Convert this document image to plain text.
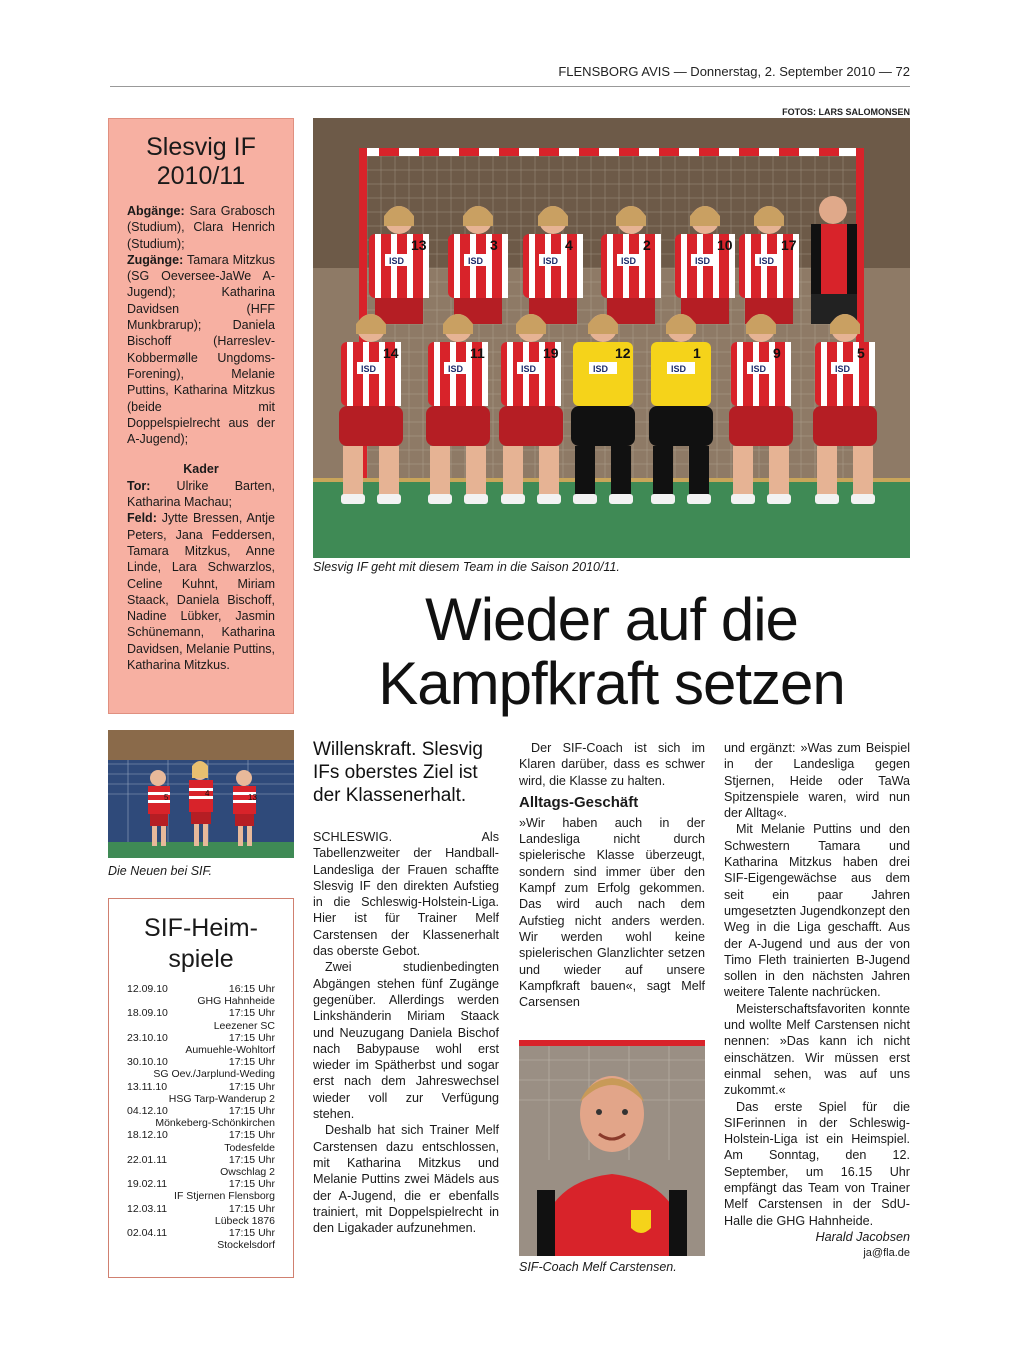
FLENSBORG AVIS — Donnerstag, 2. September 2010 — 72
FOTOS: LARS SALOMONSEN
Slesvig IF
2010/11

Abgänge: Sara Grabosch (Studium), Clara Henrich (Studium);

Zugänge: Tamara Mitzkus (SG Oeversee-JaWe A-Jugend); Katharina Davidsen (HFF Munkbrarup); Daniela Bischoff (Harreslev-Kobbermølle Ungdoms-Forening), Melanie Puttins, Katharina Mitzkus (beide mit Doppelspielrecht aus der A-Jugend);

Kader

Tor: Ulrike Barten, Katharina Machau;

Feld: Jytte Bressen, Antje Peters, Jana Feddersen, Tamara Mitzkus, Anne Linde, Lara Schwarzlos, Celine Kuhnt, Miriam Staack, Daniela Bischoff, Nadine Lübker, Jasmin Schünemann, Katharina Davidsen, Melanie Puttins, Katharina Mitzkus.

5	4	13
Die Neuen bei SIF.
SIF-Heim-
spiele
12.09.10	16:15 Uhr
GHG Hahnheide
18.09.10	17:15 Uhr
Leezener SC
23.10.10	17:15 Uhr
Aumuehle-Wohltorf
30.10.10	17:15 Uhr
SG Oev./Jarplund-Weding
13.11.10	17:15 Uhr
HSG Tarp-Wanderup 2
04.12.10	17:15 Uhr
Mönkeberg-Schönkirchen
18.12.10	17:15 Uhr
Todesfelde
22.01.11	17:15 Uhr
Owschlag 2
19.02.11	17:15 Uhr
IF Stjernen Flensborg
12.03.11	17:15 Uhr
Lübeck 1876
02.04.11	17:15 Uhr
Stockelsdorf
ISD
13
ISD
3
ISD
4
ISD
2
ISD
10
ISD
17
ISD
14
ISD
11
ISD
19
ISD
12
ISD
1
ISD
9
ISD
5
Slesvig IF geht mit diesem Team in die Saison 2010/11.
Wieder auf die
Kampfkraft setzen

Willenskraft. Slesvig IFs oberstes Ziel ist der Klassenerhalt.

SCHLESWIG. Als Tabellenzweiter der Handball-Landesliga der Frauen schaffte Slesvig IF den direkten Aufstieg in die Schleswig-Holstein-Liga. Hier ist für Trainer Melf Carstensen der Klassenerhalt das oberste Gebot.

Zwei studienbedingten Abgängen stehen fünf Zugänge gegenüber. Allerdings werden Linkshänderin Miriam Staack und Neuzugang Daniela Bischof nach Babypause wohl erst wieder im Spätherbst und sogar erst nach dem Jahreswechsel wieder voll zur Verfügung stehen.

Deshalb hat sich Trainer Melf Carstensen dazu entschlossen, mit Katharina Mitzkus und Melanie Puttins zwei Mädels aus der A-Jugend, die er ebenfalls trainiert, mit Doppelspielrecht in den Ligakader aufzunehmen.

Der SIF-Coach ist sich im Klaren darüber, dass es schwer wird, die Klasse zu halten.

Alltags-Geschäft

»Wir haben auch in der Landesliga nicht durch spielerische Klasse überzeugt, sondern sind immer über den Kampf zum Erfolg gekommen. Das wird auch nach dem Aufstieg nicht anders werden. Wir werden wohl keine spielerischen Glanzlichter setzen und wieder auf unsere Kampfkraft bauen«, sagt Melf Carsensen

SIF-Coach Melf Carstensen.

und ergänzt: »Was zum Beispiel in der Landesliga gegen Stjernen, Heide oder TaWa Spitzenspiele waren, wird nun der Alltag«.

Mit Melanie Puttins und den Schwestern Tamara und Katharina Mitzkus haben drei SIF-Eigengewächse aus dem seit ein paar Jahren umgesetzten Jugendkonzept den Weg in die Liga geschafft. Aus der A-Jugend und aus der von Timo Fleth trainierten B-Jugend sollen in den nächsten Jahren weitere Talente nachrücken.

Meisterschaftsfavoriten konnte und wollte Melf Carstensen nicht nennen: »Das kann ich nicht einschätzen. Wir müssen erst einmal sehen, was auf uns zukommt.«

Das erste Spiel für die SIFerinnen in der Schleswig-Holstein-Liga ist ein Heimspiel. Am Sonntag, den 12. September, um 16.15 Uhr empfängt das Team von Trainer Melf Carstensen in der SdU-Halle die GHG Hahnheide.

Harald Jacobsen

ja@fla.de
